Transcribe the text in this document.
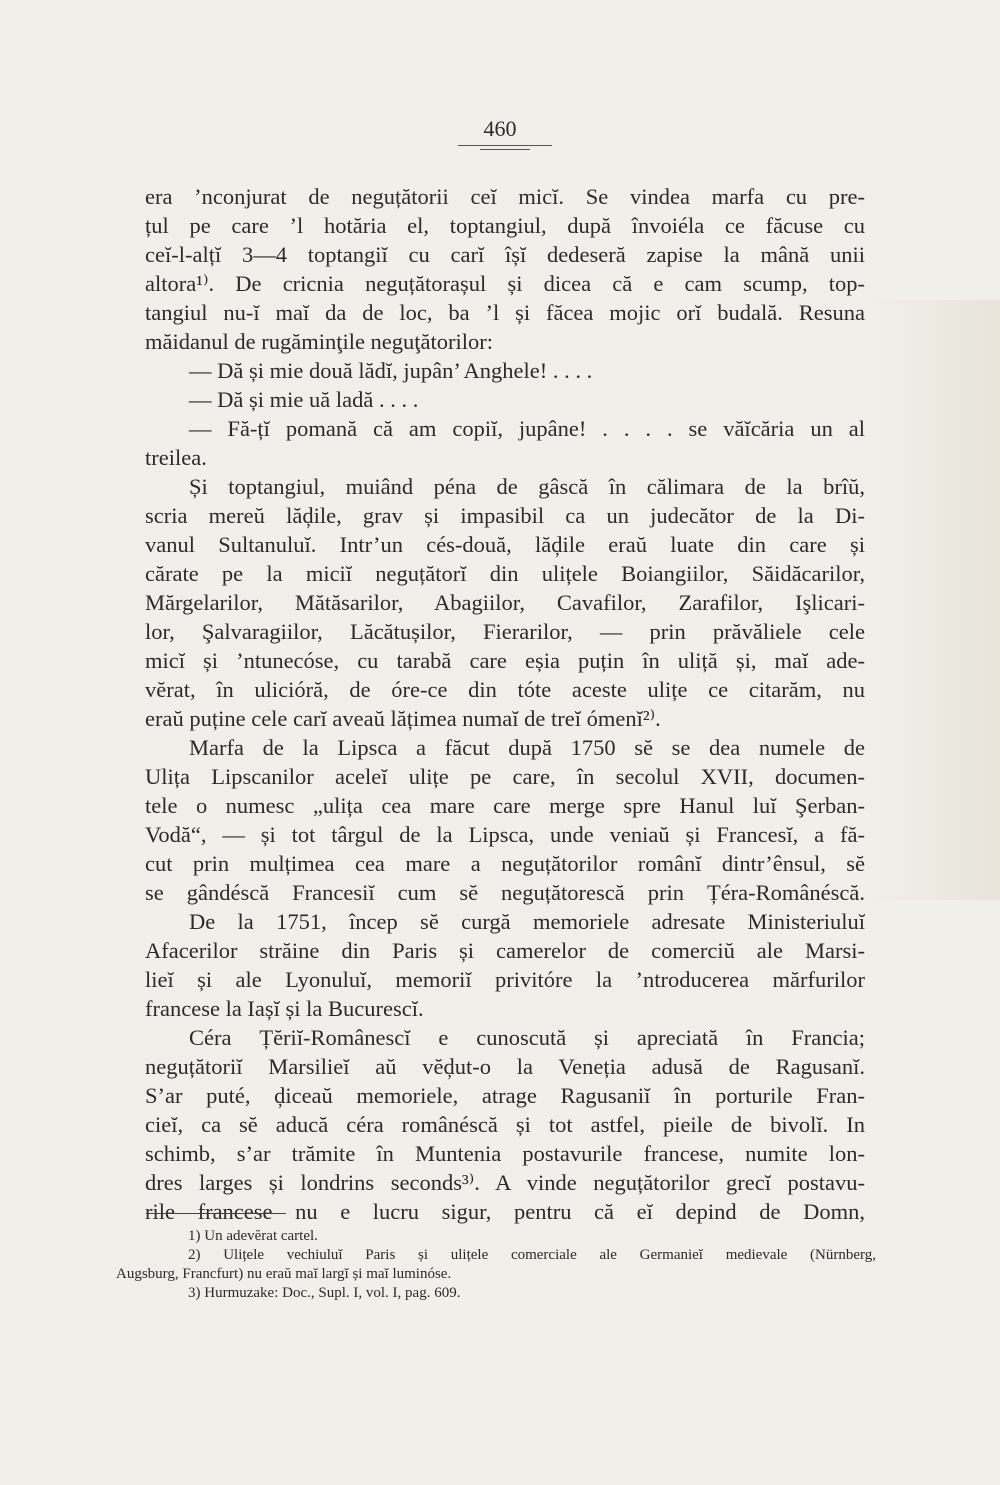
460
era ’nconjurat de neguțătorii ceĭ micĭ. Se vindea marfa cu pre-
țul pe care ’l hotăria el, toptangiul, după învoiéla ce făcuse cu
ceĭ-l-alțĭ 3—4 toptangiĭ cu carĭ îșĭ dedeseră zapise la mână unii
altora¹⁾. De cricnia neguțătorașul și dicea că e cam scump, top-
tangiul nu-ĭ maĭ da de loc, ba ’l și făcea mojic orĭ budală. Resuna
măidanul de rugăminţile neguţătorilor:
— Dă și mie două lădĭ, jupân’ Anghele! . . . .
— Dă și mie uă ladă . . . .
— Fă-țĭ pomană că am copiĭ, jupâne! . . . . se văĭcăria un al
treilea.
Și toptangiul, muiând péna de gâscă în călimara de la brîŭ,
scria mereŭ lăḑile, grav și impasibil ca un judecător de la Di-
vanul Sultanuluĭ. Intr’un cés-două, lăḑile eraŭ luate din care și
cărate pe la miciĭ neguțătorĭ din ulițele Boiangiilor, Săidăcarilor,
Mărgelarilor, Mătăsarilor, Abagiilor, Cavafilor, Zarafilor, Işlicari-
lor, Şalvaragiilor, Lăcătușilor, Fierarilor, — prin prăvăliele cele
micĭ și ’ntunecóse, cu tarabă care eșia puțin în uliță și, maĭ ade-
vĕrat, în ulicióră, de óre-ce din tóte aceste ulițe ce citarăm, nu
eraŭ puține cele carĭ aveaŭ lățimea numaĭ de treĭ ómenĭ²⁾.
Marfa de la Lipsca a făcut după 1750 sĕ se dea numele de
Ulița Lipscanilor aceleĭ ulițe pe care, în secolul XVII, documen-
tele o numesc „ulița cea mare care merge spre Hanul luĭ Şerban-
Vodă“, — și tot târgul de la Lipsca, unde veniaŭ și Francesĭ, a fă-
cut prin mulțimea cea mare a neguțătorilor românĭ dintr’ênsul, sĕ
se gândéscă Francesiĭ cum sĕ neguțătorescă prin Țéra-Românéscă.
De la 1751, încep sĕ curgă memoriele adresate Ministeriuluĭ
Afacerilor străine din Paris și camerelor de comerciŭ ale Marsi-
lieĭ și ale Lyonuluĭ, memoriĭ privitóre la ’ntroducerea mărfurilor
francese la Iașĭ și la Bucurescĭ.
Céra Țĕriĭ-Românescĭ e cunoscută și apreciată în Francia;
neguțătoriĭ Marsilieĭ aŭ vĕḑut-o la Veneția adusă de Ragusanĭ.
S’ar puté, ḑiceaŭ memoriele, atrage Ragusaniĭ în porturile Fran-
cieĭ, ca sĕ aducă céra românéscă și tot astfel, pieile de bivolĭ. In
schimb, s’ar trămite în Muntenia postavurile francese, numite lon-
dres larges și londrins seconds³⁾. A vinde neguțătorilor grecĭ postavu-
rile francese nu e lucru sigur, pentru că eĭ depind de Domn,
1) Un adevĕrat cartel.
2) Ulițele vechiuluĭ Paris și ulițele comerciale ale Germanieĭ medievale (Nürnberg,
Augsburg, Francfurt) nu eraŭ maĭ largĭ și maĭ luminóse.
3) Hurmuzake: Doc., Supl. I, vol. I, pag. 609.
